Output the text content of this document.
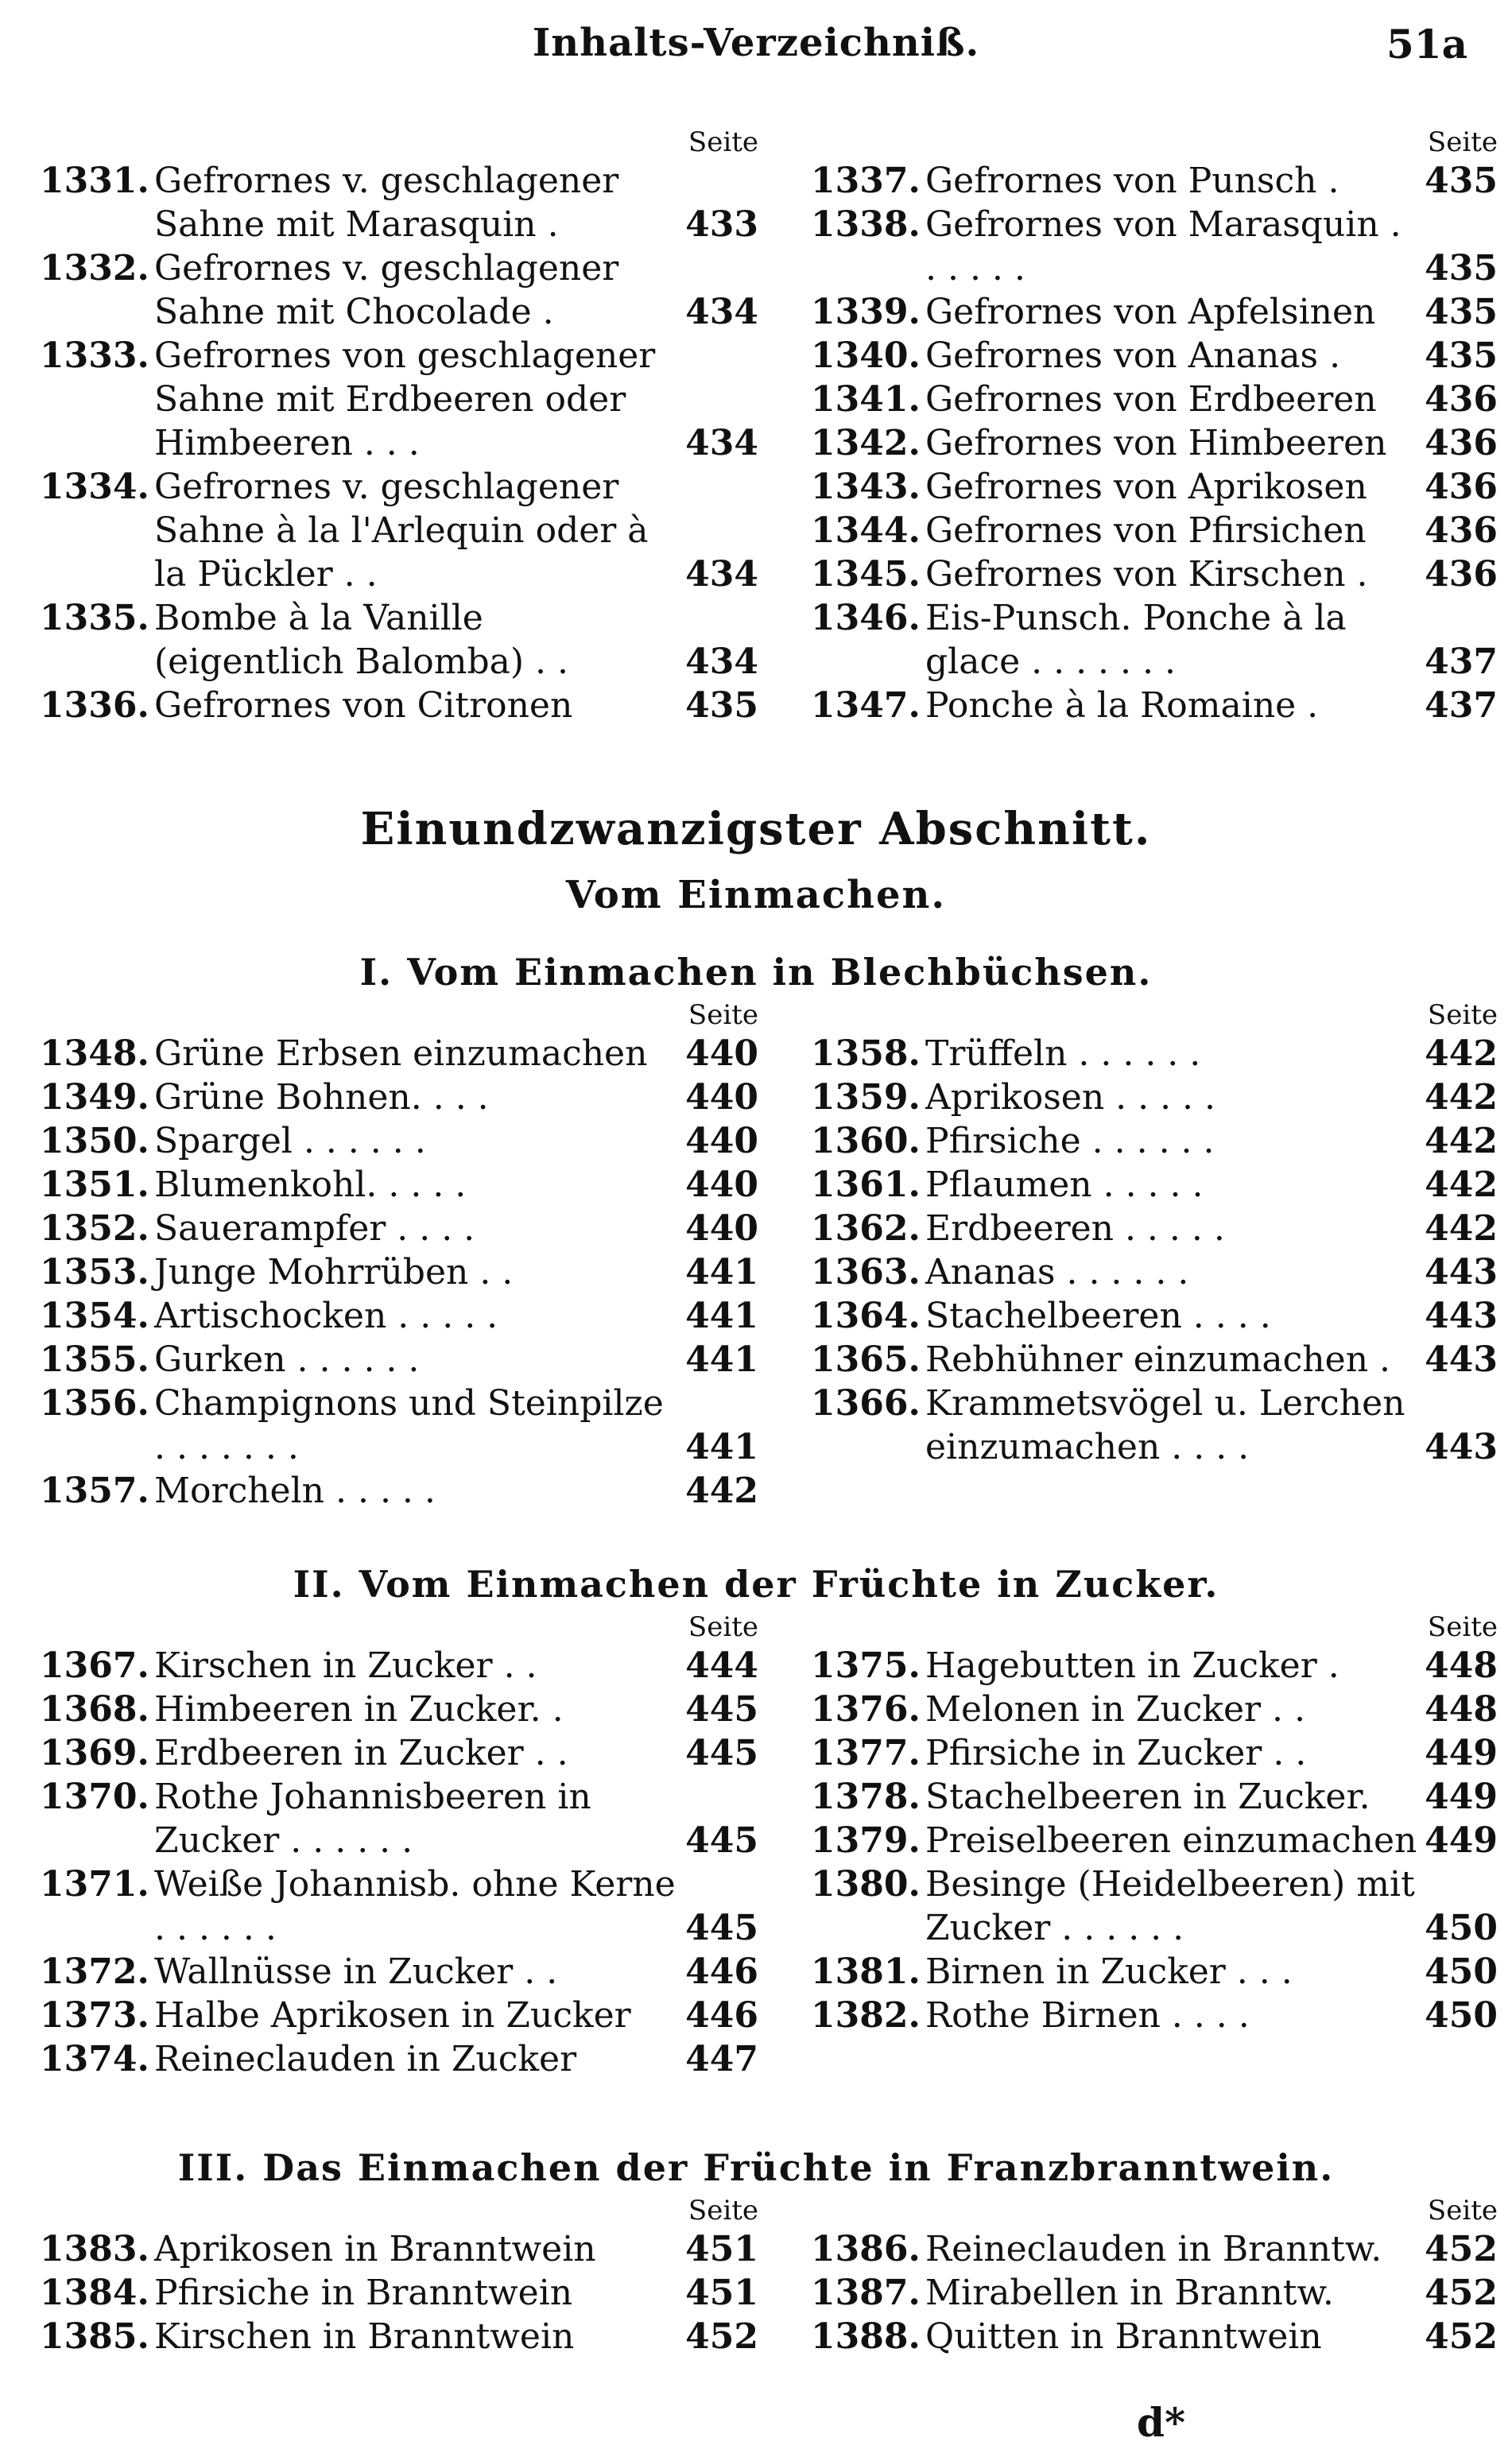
Inhalts-Verzeichniß.	51a
Seite
1331. Gefrornes v. geschlagener Sahne mit Marasquin .	433
1332. Gefrornes v. geschlagener Sahne mit Chocolade .	434
1333. Gefrornes von geschlagener Sahne mit Erdbeeren oder Himbeeren . . .	434
1334. Gefrornes v. geschlagener Sahne à la l'Arlequin oder à la Pückler . .	434
1335. Bombe à la Vanille (eigentlich Balomba) . .	434
1336. Gefrornes von Citronen	435
Seite
1337. Gefrornes von Punsch .	435
1338. Gefrornes von Marasquin . . . . . .	435
1339. Gefrornes von Apfelsinen	435
1340. Gefrornes von Ananas .	435
1341. Gefrornes von Erdbeeren	436
1342. Gefrornes von Himbeeren	436
1343. Gefrornes von Aprikosen	436
1344. Gefrornes von Pfirsichen	436
1345. Gefrornes von Kirschen .	436
1346. Eis-Punsch. Ponche à la glace . . . . . . .	437
1347. Ponche à la Romaine .	437
Einundzwanzigster Abschnitt.
Vom Einmachen.
I. Vom Einmachen in Blechbüchsen.
Seite
1348. Grüne Erbsen einzumachen	440
1349. Grüne Bohnen. . . .	440
1350. Spargel . . . . . .	440
1351. Blumenkohl. . . . .	440
1352. Sauerampfer . . . .	440
1353. Junge Mohrrüben . .	441
1354. Artischocken . . . . .	441
1355. Gurken . . . . . .	441
1356. Champignons und Steinpilze . . . . . . .	441
1357. Morcheln . . . . .	442
Seite
1358. Trüffeln . . . . . .	442
1359. Aprikosen . . . . .	442
1360. Pfirsiche . . . . . .	442
1361. Pflaumen . . . . .	442
1362. Erdbeeren . . . . .	442
1363. Ananas . . . . . .	443
1364. Stachelbeeren . . . .	443
1365. Rebhühner einzumachen . 443
1366. Krammetsvögel u. Lerchen einzumachen . . . .	443
II. Vom Einmachen der Früchte in Zucker.
Seite
1367. Kirschen in Zucker . .	444
1368. Himbeeren in Zucker. .	445
1369. Erdbeeren in Zucker . .	445
1370. Rothe Johannisbeeren in Zucker . . . . . .	445
1371. Weiße Johannisb. ohne Kerne . . . . . .	445
1372. Wallnüsse in Zucker . .	446
1373. Halbe Aprikosen in Zucker	446
1374. Reineclauden in Zucker	447
Seite
1375. Hagebutten in Zucker .	448
1376. Melonen in Zucker . .	448
1377. Pfirsiche in Zucker . .	449
1378. Stachelbeeren in Zucker.	449
1379. Preiselbeeren einzumachen 449
1380. Besinge (Heidelbeeren) mit Zucker . . . . . .	450
1381. Birnen in Zucker . . .	450
1382. Rothe Birnen . . . .	450
III. Das Einmachen der Früchte in Franzbranntwein.
Seite
1383. Aprikosen in Branntwein	451
1384. Pfirsiche in Branntwein	451
1385. Kirschen in Branntwein	452
Seite
1386. Reineclauden in Branntw.	452
1387. Mirabellen in Branntw.	452
1388. Quitten in Branntwein	452
d*
